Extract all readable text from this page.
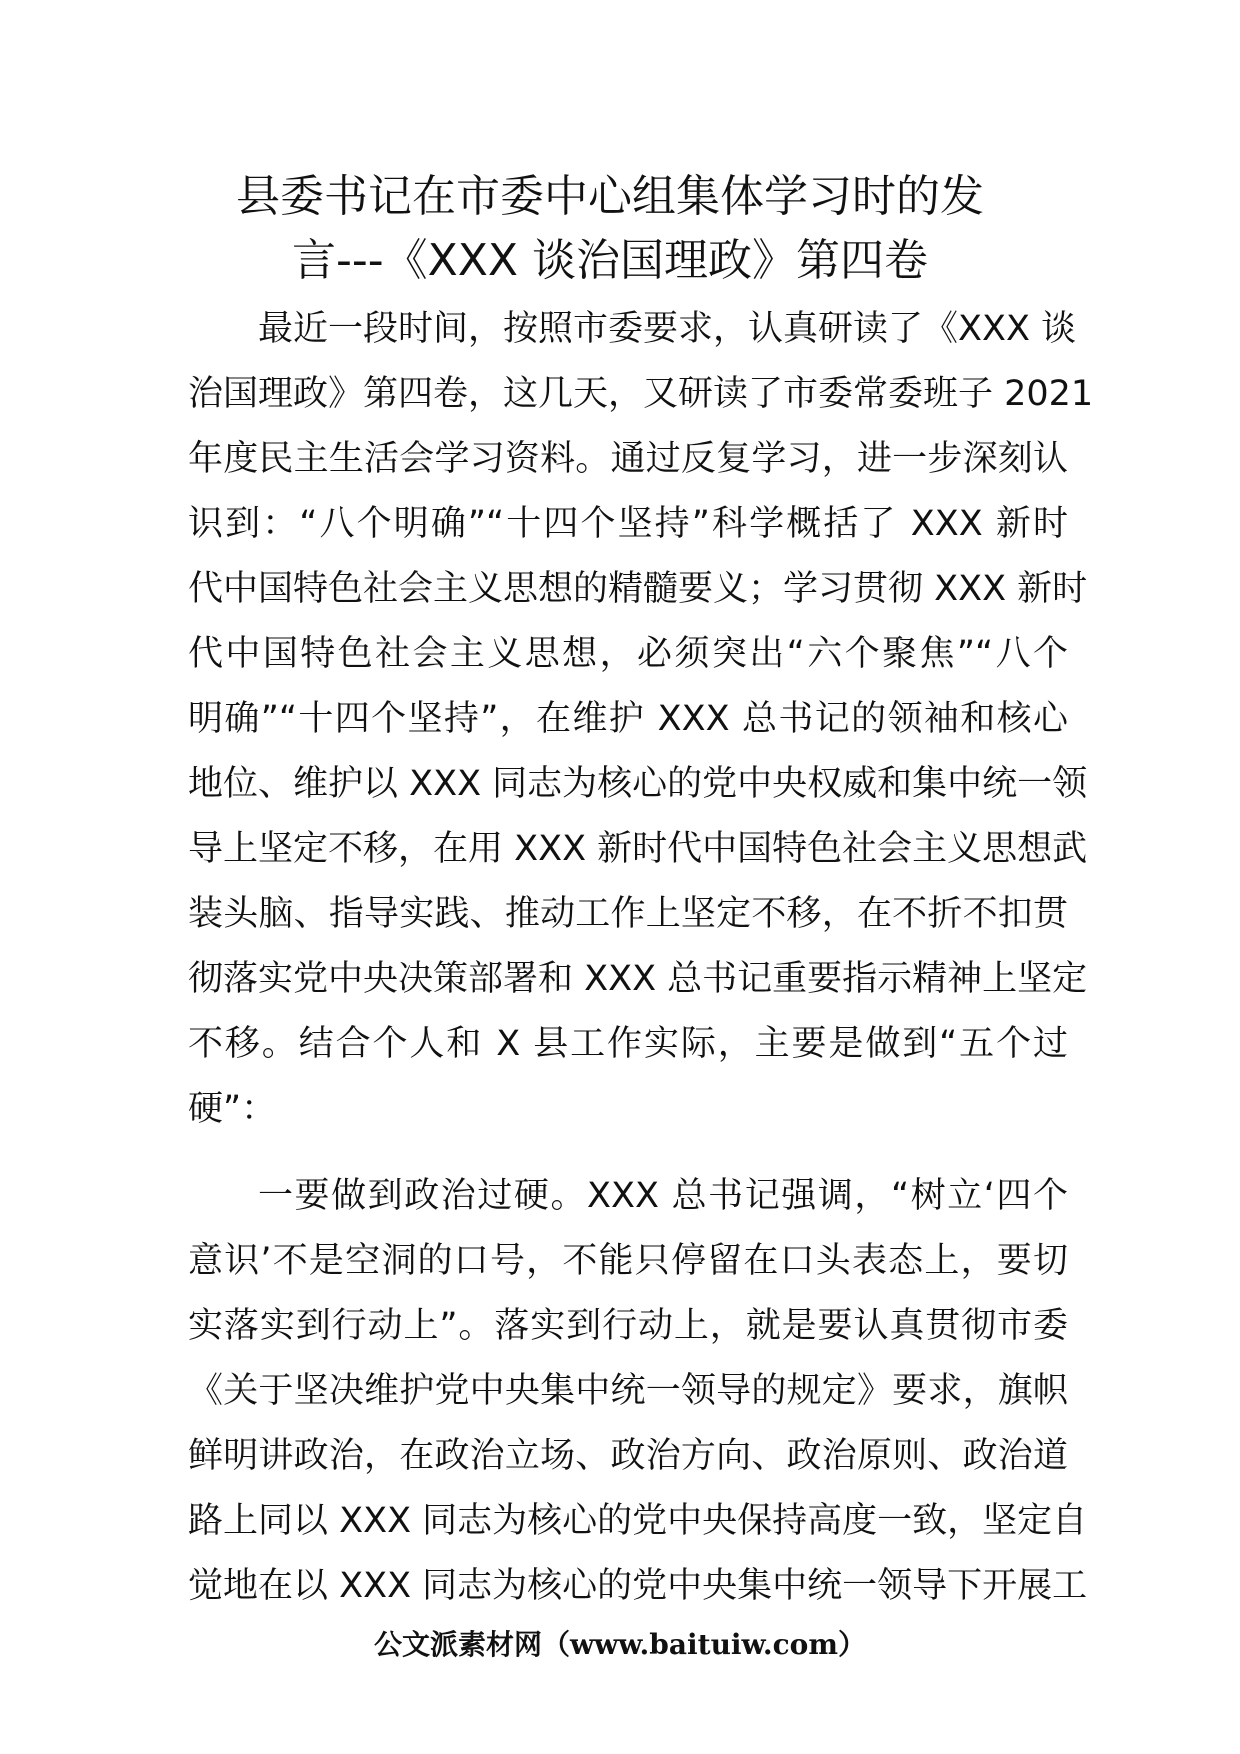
县委书记在市委中心组集体学习时的发
言---《XXX 谈治国理政》第四卷
最近一段时间，按照市委要求，认真研读了《XXX 谈
治国理政》第四卷，这几天，又研读了市委常委班子 2021
年度民主生活会学习资料。通过反复学习，进一步深刻认
识到：“八个明确”“十四个坚持”科学概括了 XXX 新时
代中国特色社会主义思想的精髓要义；学习贯彻 XXX 新时
代中国特色社会主义思想，必须突出“六个聚焦”“八个
明确”“十四个坚持”，在维护 XXX 总书记的领袖和核心
地位、维护以 XXX 同志为核心的党中央权威和集中统一领
导上坚定不移，在用 XXX 新时代中国特色社会主义思想武
装头脑、指导实践、推动工作上坚定不移，在不折不扣贯
彻落实党中央决策部署和 XXX 总书记重要指示精神上坚定
不移。结合个人和 X 县工作实际，主要是做到“五个过
硬”：
一要做到政治过硬。XXX 总书记强调，“树立‘四个
意识’不是空洞的口号，不能只停留在口头表态上，要切
实落实到行动上”。落实到行动上，就是要认真贯彻市委
《关于坚决维护党中央集中统一领导的规定》要求，旗帜
鲜明讲政治，在政治立场、政治方向、政治原则、政治道
路上同以 XXX 同志为核心的党中央保持高度一致，坚定自
觉地在以 XXX 同志为核心的党中央集中统一领导下开展工
公文派素材网（www.baituiw.com）
